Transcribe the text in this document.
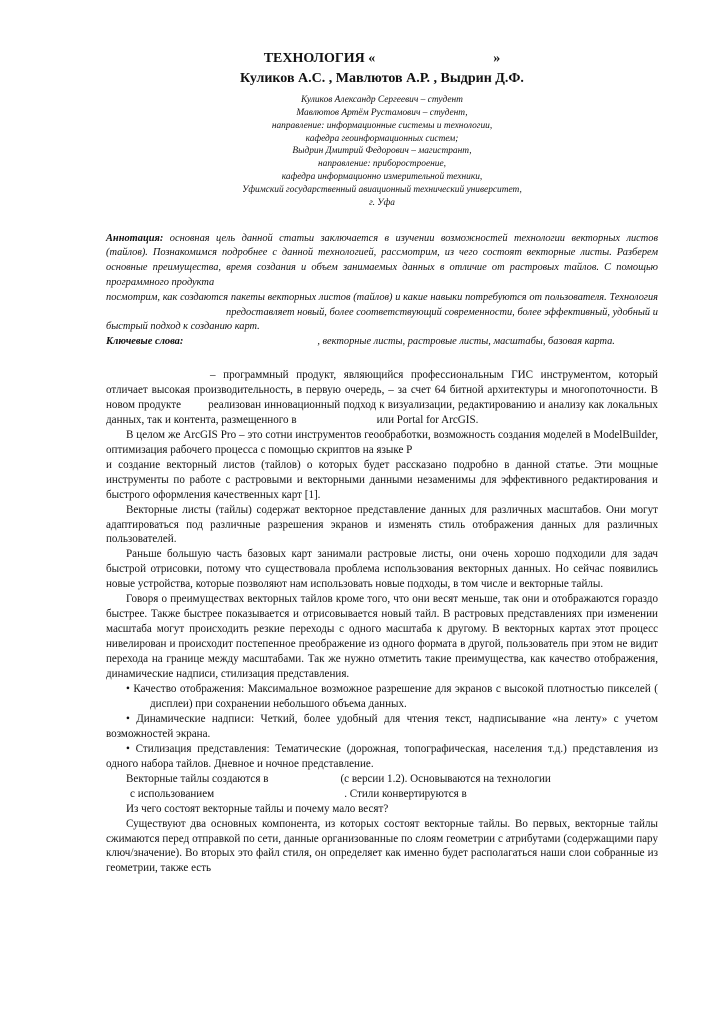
ТЕХНОЛОГИЯ «	»
Куликов А.С. , Мавлютов А.Р. , Выдрин Д.Ф.
Куликов Александр Сергеевич – студент
Мавлютов Артём Рустамович – студент,
направление: информационные системы и технологии,
кафедра геоинформационных систем;
Выдрин Дмитрий Федорович – магистрант,
направление: приборостроение,
кафедра информационно измерительной техники,
Уфимский государственный авиационный технический университет,
г. Уфа

Аннотация: основная цель данной статьи заключается в изучении возможностей технологии векторных листов (тайлов). Познакомимся подробнее с данной технологией, рассмотрим, из чего состоят векторные листы. Разберем основные преимущества, время создания и объем занимаемых данных в отличие от растровых тайлов. С помощью программного продукта
посмотрим, как создаются пакеты векторных листов (тайлов) и какие навыки потребуются от пользователя. Технологияпредоставляет новый, более соответствующий современности, более эффективный, удобный и быстрый подход к созданию карт.

Ключевые слова:	, векторные листы, растровые листы, масштабы, базовая карта.

– программный продукт, являющийся профессиональным ГИС инструментом, который отличает высокая производительность, в первую очередь, – за счет 64 битной архитектуры и многопоточности. В новом продукте реализован инновационный подход к визуализации, редактированию и анализу как локальных данных, так и контента, размещенного в	или Portal for ArcGIS.

В целом же ArcGIS Pro – это сотни инструментов геообработки, возможность создания моделей в ModelBuilder, оптимизация рабочего процесса с помощью скриптов на языке P
и создание векторный листов (тайлов) о которых будет рассказано подробно в данной статье. Эти мощные инструменты по работе с растровыми и векторными данными незаменимы для эффективного редактирования и быстрого оформления качественных карт [1].

Векторные листы (тайлы) содержат векторное представление данных для различных масштабов. Они могут адаптироваться под различные разрешения экранов и изменять стиль отображения данных для различных пользователей.

Раньше большую часть базовых карт занимали растровые листы, они очень хорошо подходили для задач быстрой отрисовки, потому что существовала проблема использования векторных данных. Но сейчас появились новые устройства, которые позволяют нам использовать новые подходы, в том числе и векторные тайлы.

Говоря о преимуществах векторных тайлов кроме того, что они весят меньше, так они и отображаются гораздо быстрее. Также быстрее показывается и отрисовывается новый тайл. В растровых представлениях при изменении масштаба могут происходить резкие переходы с одного масштаба к другому. В векторных картах этот процесс нивелирован и происходит постепенное преображение из одного формата в другой, пользователь при этом не видит перехода на границе между масштабами. Так же нужно отметить такие преимущества, как качество отображения, динамические надписи, стилизация представления.

• Качество отображения: Максимальное возможное разрешение для экранов с высокой плотностью пикселей (дисплеи) при сохранении небольшого объема данных.

• Динамические надписи: Четкий, более удобный для чтения текст, надписывание «на ленту» с учетом возможностей экрана.

• Стилизация представления: Тематические (дорожная, топографическая, населения т.д.) представления из одного набора тайлов. Дневное и ночное представление.

Векторные тайлы создаются в	(с версии 1.2). Основываются на технологии
с использованием	. Стили конвертируются в

Из чего состоят векторные тайлы и почему мало весят?

Существуют два основных компонента, из которых состоят векторные тайлы. Во первых, векторные тайлы сжимаются перед отправкой по сети, данные организованные по слоям геометрии с атрибутами (содержащими пару ключ/значение). Во вторых это файл стиля, он определяет как именно будет располагаться наши слои собранные из геометрии, также есть
